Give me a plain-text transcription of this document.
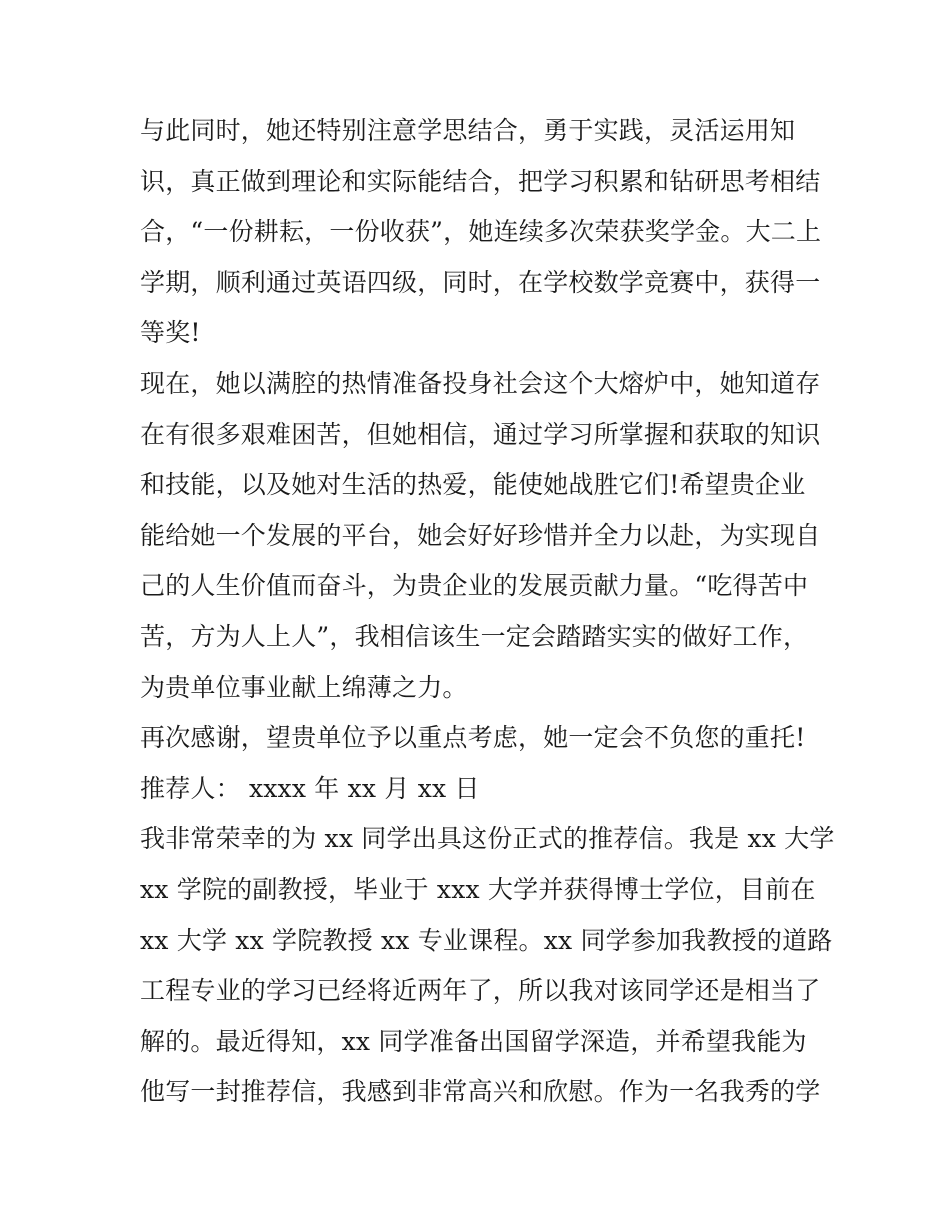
与此同时，她还特别注意学思结合，勇于实践，灵活运用知
识，真正做到理论和实际能结合，把学习积累和钻研思考相结
合，“一份耕耘，一份收获”，她连续多次荣获奖学金。大二上
学期，顺利通过英语四级，同时，在学校数学竞赛中，获得一
等奖!
现在，她以满腔的热情准备投身社会这个大熔炉中，她知道存
在有很多艰难困苦，但她相信，通过学习所掌握和获取的知识
和技能，以及她对生活的热爱，能使她战胜它们!希望贵企业
能给她一个发展的平台，她会好好珍惜并全力以赴，为实现自
己的人生价值而奋斗，为贵企业的发展贡献力量。“吃得苦中
苦，方为人上人”，我相信该生一定会踏踏实实的做好工作，
为贵单位事业献上绵薄之力。
再次感谢，望贵单位予以重点考虑，她一定会不负您的重托!
推荐人： xxxx 年 xx 月 xx 日
我非常荣幸的为 xx 同学出具这份正式的推荐信。我是 xx 大学
xx 学院的副教授，毕业于 xxx 大学并获得博士学位，目前在
xx 大学 xx 学院教授 xx 专业课程。xx 同学参加我教授的道路
工程专业的学习已经将近两年了，所以我对该同学还是相当了
解的。最近得知，xx 同学准备出国留学深造，并希望我能为
他写一封推荐信，我感到非常高兴和欣慰。作为一名我秀的学
